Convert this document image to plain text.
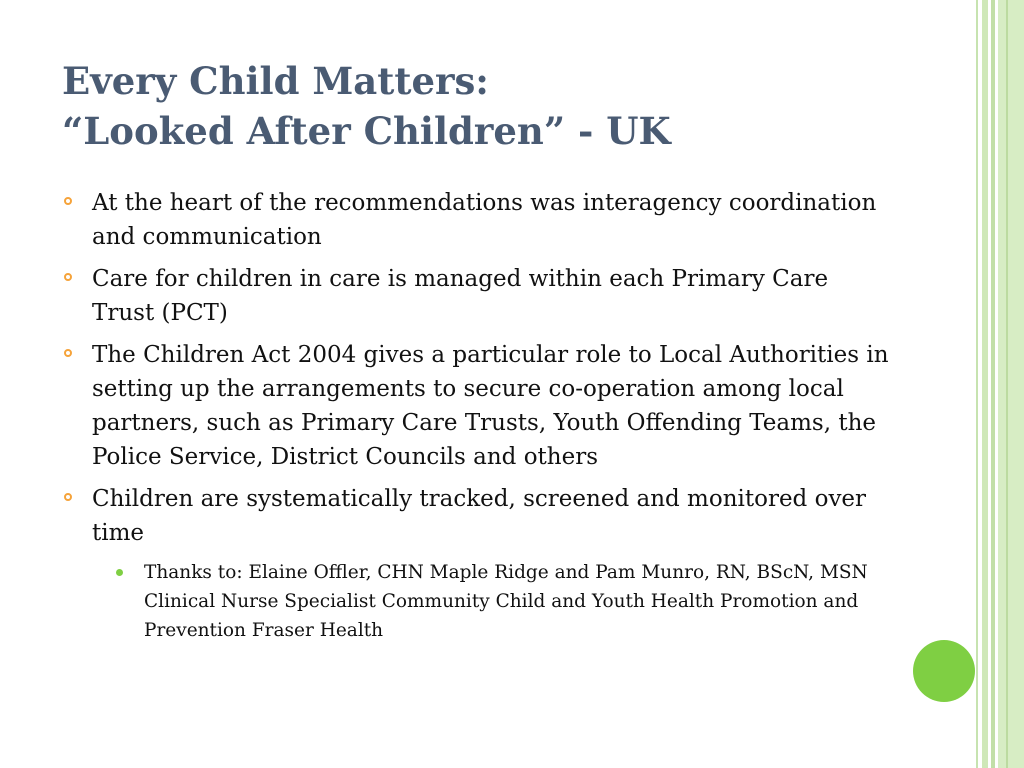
Every Child Matters:
“Looked After Children” - UK
At the heart of the recommendations was interagency coordination and communication
Care for children in care is managed within each Primary Care Trust (PCT)
The Children Act 2004 gives a particular role to Local Authorities in setting up the arrangements to secure co-operation among local partners, such as Primary Care Trusts, Youth Offending Teams, the Police Service, District Councils and others
Children are systematically tracked, screened and monitored over time
Thanks to: Elaine Offler, CHN Maple Ridge and Pam Munro, RN, BScN, MSN Clinical Nurse Specialist Community Child and Youth Health Promotion and Prevention Fraser Health
